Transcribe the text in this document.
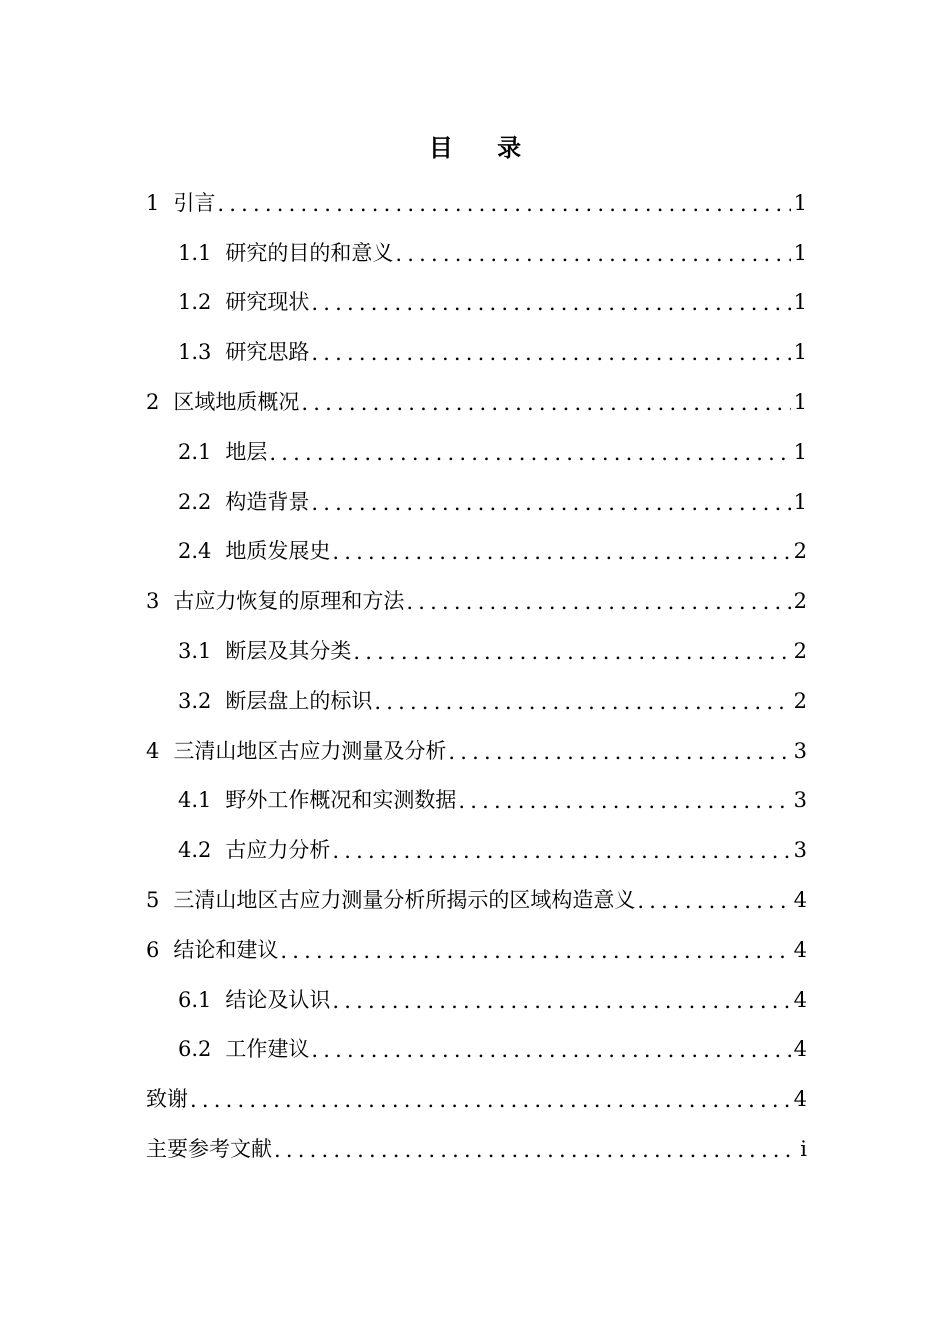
目 录
1 引言 .....	1
1.1 研究的目的和意义 .....	1
1.2 研究现状 .....	1
1.3 研究思路 .....	1
2 区域地质概况 .....	1
2.1 地层 .....	1
2.2 构造背景 .....	1
2.4 地质发展史 .....	2
3 古应力恢复的原理和方法 .....	2
3.1 断层及其分类 .....	2
3.2 断层盘上的标识 .....	2
4 三清山地区古应力测量及分析 .....	3
4.1 野外工作概况和实测数据 .....	3
4.2 古应力分析 .....	3
5 三清山地区古应力测量分析所揭示的区域构造意义 .....	4
6 结论和建议 .....	4
6.1 结论及认识 .....	4
6.2 工作建议 .....	4
致谢 .....	4
主要参考文献 .....	i
